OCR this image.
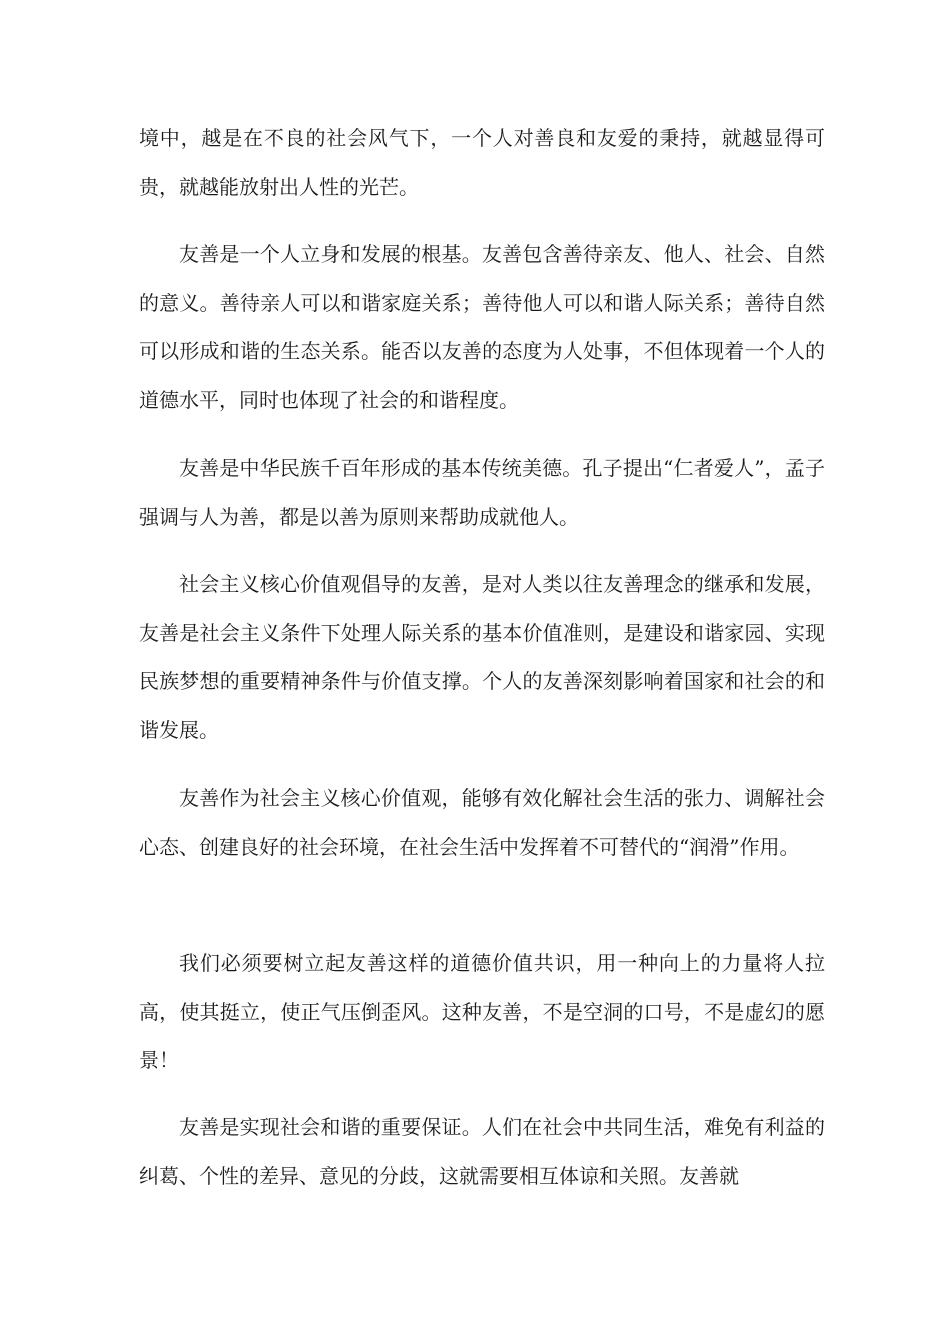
境中，越是在不良的社会风气下，一个人对善良和友爱的秉持，就越显得可贵，就越能放射出人性的光芒。

友善是一个人立身和发展的根基。友善包含善待亲友、他人、社会、自然的意义。善待亲人可以和谐家庭关系；善待他人可以和谐人际关系；善待自然可以形成和谐的生态关系。能否以友善的态度为人处事，不但体现着一个人的道德水平，同时也体现了社会的和谐程度。

友善是中华民族千百年形成的基本传统美德。孔子提出“仁者爱人”，孟子强调与人为善，都是以善为原则来帮助成就他人。

社会主义核心价值观倡导的友善，是对人类以往友善理念的继承和发展，友善是社会主义条件下处理人际关系的基本价值准则，是建设和谐家园、实现民族梦想的重要精神条件与价值支撑。个人的友善深刻影响着国家和社会的和谐发展。

友善作为社会主义核心价值观，能够有效化解社会生活的张力、调解社会心态、创建良好的社会环境，在社会生活中发挥着不可替代的“润滑”作用。

我们必须要树立起友善这样的道德价值共识，用一种向上的力量将人拉高，使其挺立，使正气压倒歪风。这种友善，不是空洞的口号，不是虚幻的愿景！

友善是实现社会和谐的重要保证。人们在社会中共同生活，难免有利益的纠葛、个性的差异、意见的分歧，这就需要相互体谅和关照。友善就
